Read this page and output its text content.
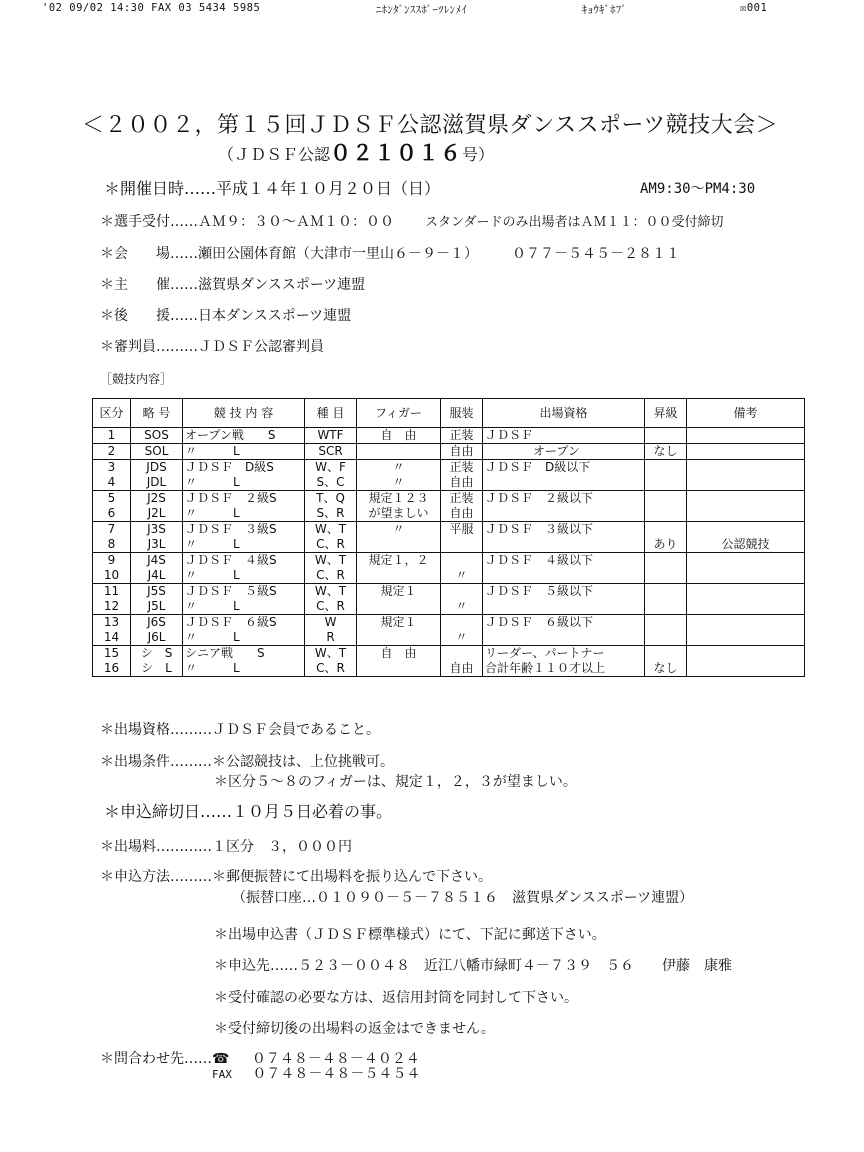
'02 09/02 14:30 FAX 03 5434 5985	ﾆﾎﾝﾀﾞﾝｽｽﾎﾟｰﾂﾚﾝﾒｲ	ｷｮｳｷﾞﾎﾌﾞ	☒001
＜２００２，第１５回ＪＤＳＦ公認滋賀県ダンススポーツ競技大会＞
（ＪＤＳＦ公認０２１０１６号）
＊開催日時……平成１４年１０月２０日（日）	AM9:30～PM4:30
＊選手受付……ＡＭ９：３０～ＡＭ１０：００ スタンダードのみ出場者はＡＭ１１：００受付締切
＊会　　場……瀬田公園体育館（大津市一里山６－９－１） ０７７－５４５－２８１１
＊主　　催……滋賀県ダンススポーツ連盟
＊後　　援……日本ダンススポーツ連盟
＊審判員………ＪＤＳＦ公認審判員
［競技内容］
区分	略 号	競 技 内 容	種 目	フィガー	服装	出場資格	昇級	備考
1	SOS	オープン戦　　S	WTF	自　由	正装	ＪＤＳＦ		
2	SOL	〃　　　L	SCR		自由	　　　　オープン	なし	
3	JDS	ＪＤＳＦ　D級S	W、F	〃	正装	ＪＤＳＦ　D級以下		
4	JDL	〃　　　L	S、C	〃	自由			
5	J2S	ＪＤＳＦ　２級S	T、Q	規定１２３	正装	ＪＤＳＦ　２級以下		
6	J2L	〃　　　L	S、R	が望ましい	自由			
7	J3S	ＪＤＳＦ　３級S	W、T	〃	平服	ＪＤＳＦ　３級以下		
8	J3L	〃　　　L	C、R				あり	公認競技
9	J4S	ＪＤＳＦ　４級S	W、T	規定１，２		ＪＤＳＦ　４級以下		
10	J4L	〃　　　L	C、R		〃			
11	J5S	ＪＤＳＦ　５級S	W、T	規定１		ＪＤＳＦ　５級以下		
12	J5L	〃　　　L	C、R		〃			
13	J6S	ＪＤＳＦ　６級S	W	規定１		ＪＤＳＦ　６級以下		
14	J6L	〃　　　L	R		〃			
15	シ　S	シニア戦　　S	W、T	自　由		リーダー、パートナー		
16	シ　L	〃　　　L	C、R		自由	合計年齢１１０才以上	なし	
＊出場資格………ＪＤＳＦ会員であること。
＊出場条件………＊公認競技は、上位挑戦可。
＊区分５～８のフィガーは、規定１，２，３が望ましい。
＊申込締切日……１０月５日必着の事。
＊出場料…………１区分　３，０００円
＊申込方法………＊郵便振替にて出場料を振り込んで下さい。
（振替口座…０１０９０－５－７８５１６　滋賀県ダンススポーツ連盟）
＊出場申込書（ＪＤＳＦ標準様式）にて、下記に郵送下さい。
＊申込先……５２３－００４８　近江八幡市緑町４－７３９　５６　　伊藤　康雅
＊受付確認の必要な方は、返信用封筒を同封して下さい。
＊受付締切後の出場料の返金はできません。
＊問合わせ先……☎ ０７４８－４８－４０２４
FAX ０７４８－４８－５４５４
